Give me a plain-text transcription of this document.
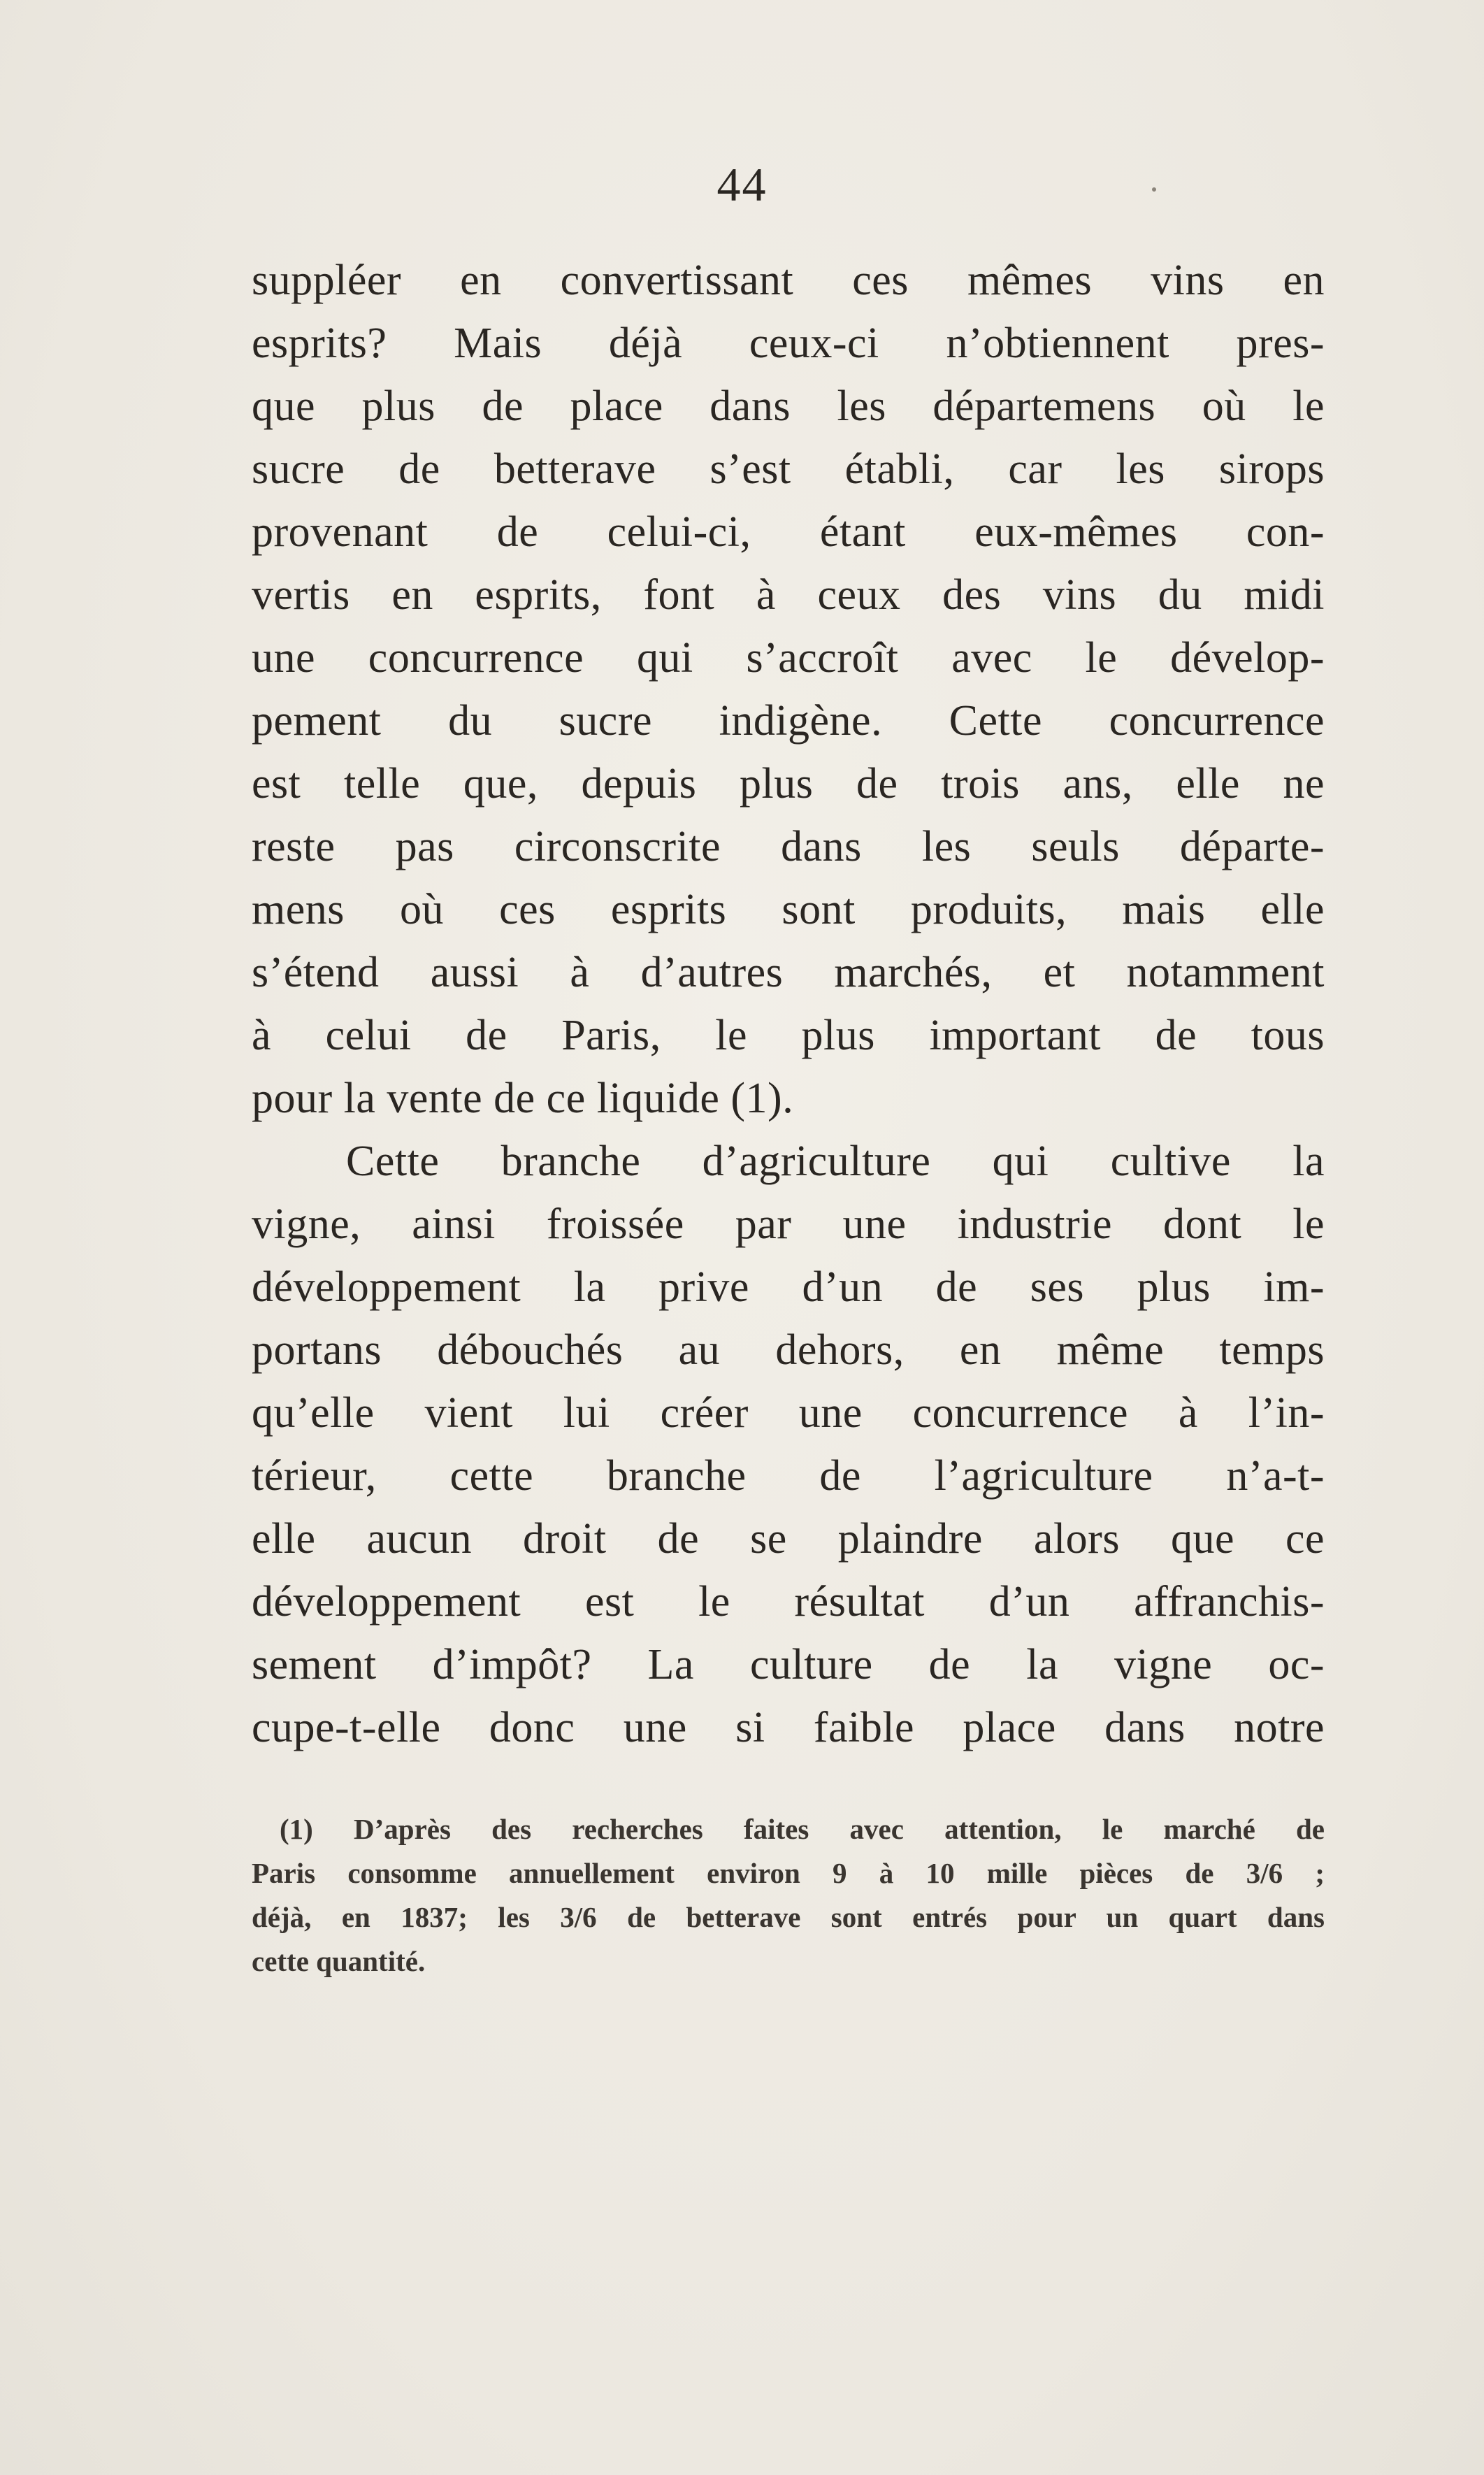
44
suppléer en convertissant ces mêmes vins en
esprits? Mais déjà ceux-ci n’obtiennent pres-
que plus de place dans les départemens où le
sucre de betterave s’est établi, car les sirops
provenant de celui-ci, étant eux-mêmes con-
vertis en esprits, font à ceux des vins du midi
une concurrence qui s’accroît avec le dévelop-
pement du sucre indigène. Cette concurrence
est telle que, depuis plus de trois ans, elle ne
reste pas circonscrite dans les seuls départe-
mens où ces esprits sont produits, mais elle
s’étend aussi à d’autres marchés, et notamment
à celui de Paris, le plus important de tous
pour la vente de ce liquide (1).
Cette branche d’agriculture qui cultive la
vigne, ainsi froissée par une industrie dont le
développement la prive d’un de ses plus im-
portans débouchés au dehors, en même temps
qu’elle vient lui créer une concurrence à l’in-
térieur, cette branche de l’agriculture n’a-t-
elle aucun droit de se plaindre alors que ce
développement est le résultat d’un affranchis-
sement d’impôt? La culture de la vigne oc-
cupe-t-elle donc une si faible place dans notre
(1) D’après des recherches faites avec attention, le marché de
Paris consomme annuellement environ 9 à 10 mille pièces de 3/6 ;
déjà, en 1837; les 3/6 de betterave sont entrés pour un quart dans
cette quantité.
